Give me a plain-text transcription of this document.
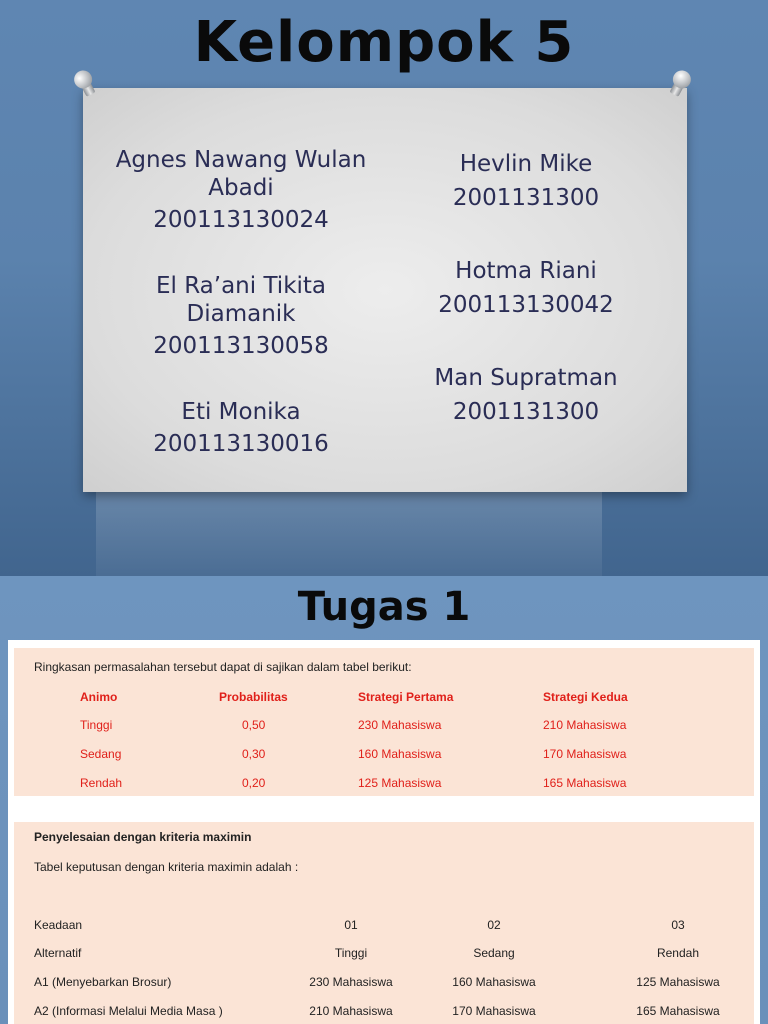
Kelompok 5
Agnes Nawang Wulan
Abadi
200113130024
El Ra’ani Tikita
Diamanik
200113130058
Eti Monika
200113130016
Hevlin Mike
2001131300
Hotma Riani
200113130042
Man Supratman
2001131300
Tugas 1
Ringkasan permasalahan tersebut dapat di sajikan dalam tabel berikut:
Animo	Probabilitas	Strategi Pertama	Strategi Kedua
Tinggi	0,50	230 Mahasiswa	210 Mahasiswa
Sedang	0,30	160 Mahasiswa	170 Mahasiswa
Rendah	0,20	125 Mahasiswa	165 Mahasiswa
Penyelesaian dengan kriteria maximin
Tabel keputusan dengan kriteria maximin adalah :
Keadaan	01	02	03
Alternatif	Tinggi	Sedang	Rendah
A1 (Menyebarkan Brosur)	230 Mahasiswa	160 Mahasiswa	125 Mahasiswa
A2 (Informasi Melalui Media Masa )	210 Mahasiswa	170 Mahasiswa	165 Mahasiswa
